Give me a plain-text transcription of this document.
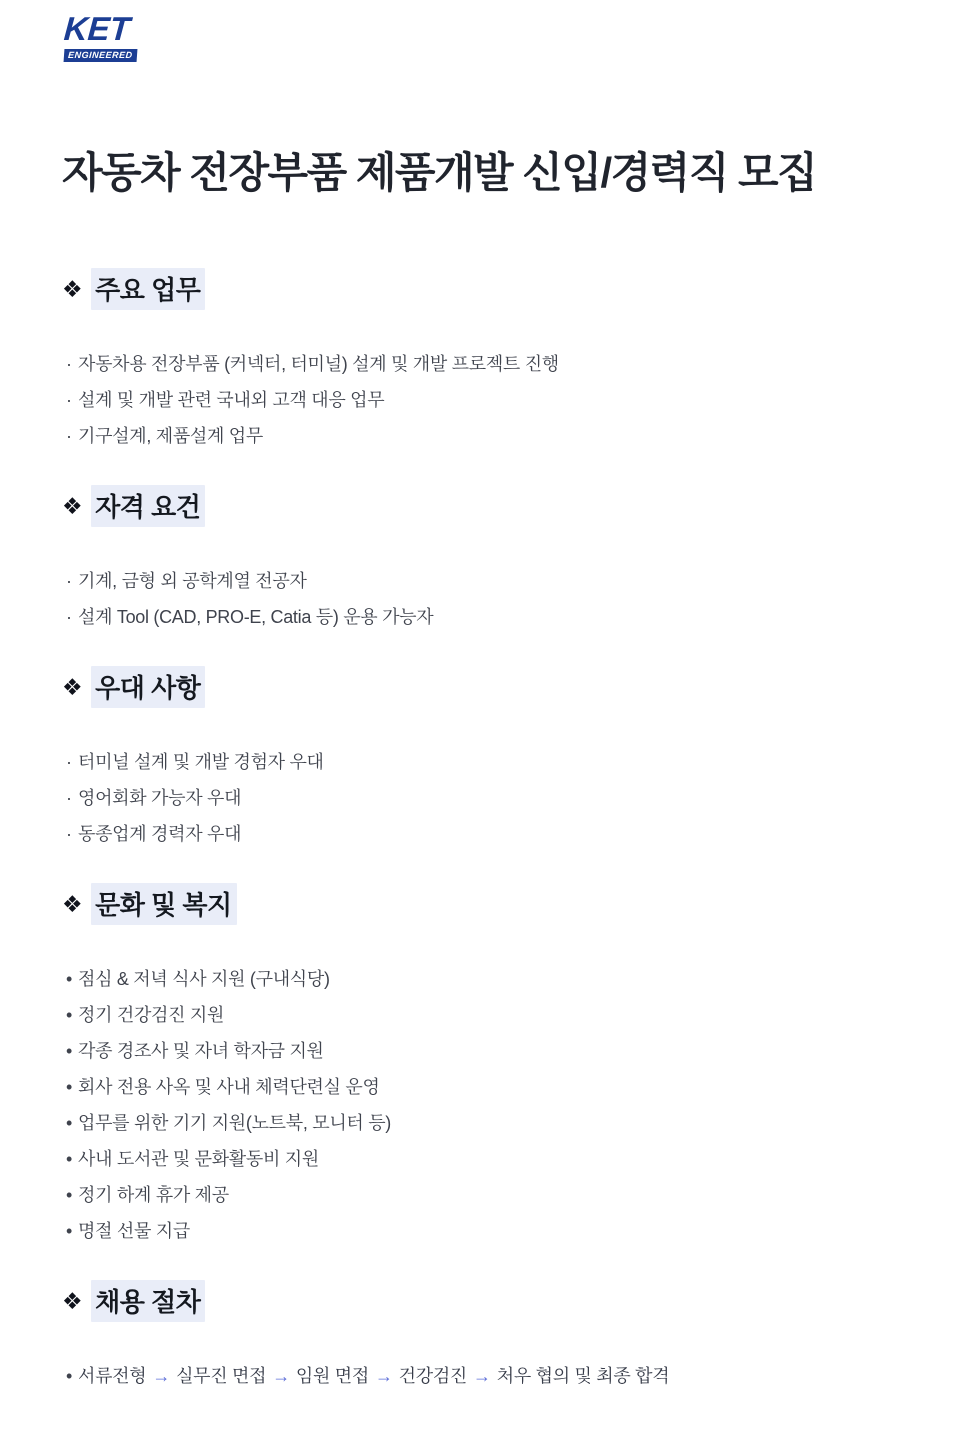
KET
ENGINEERED
자동차 전장부품 제품개발 신입/경력직 모집
❖ 주요 업무
· 자동차용 전장부품 (커넥터, 터미널) 설계 및 개발 프로젝트 진행
· 설계 및 개발 관련 국내외 고객 대응 업무
· 기구설계, 제품설계 업무
❖ 자격 요건
· 기계, 금형 외 공학계열 전공자
· 설계 Tool (CAD, PRO-E, Catia 등) 운용 가능자
❖ 우대 사항
· 터미널 설계 및 개발 경험자 우대
· 영어회화 가능자 우대
· 동종업계 경력자 우대
❖ 문화 및 복지
• 점심 & 저녁 식사 지원 (구내식당)
• 정기 건강검진 지원
• 각종 경조사 및 자녀 학자금 지원
• 회사 전용 사옥 및 사내 체력단련실 운영
• 업무를 위한 기기 지원(노트북, 모니터 등)
• 사내 도서관 및 문화활동비 지원
• 정기 하계 휴가 제공
• 명절 선물 지급
❖ 채용 절차
• 서류전형 → 실무진 면접 → 임원 면접 → 건강검진 → 처우 협의 및 최종 합격
